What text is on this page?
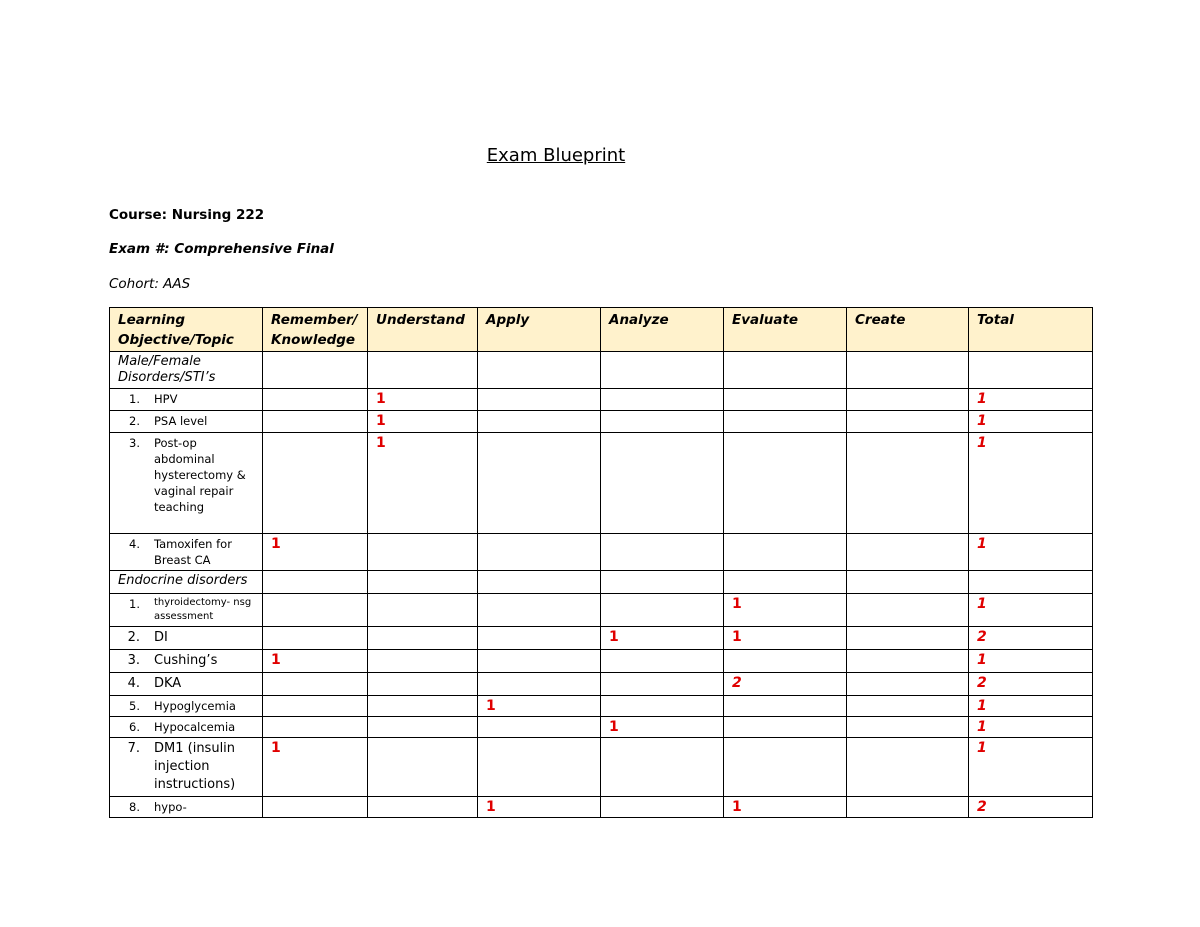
Exam Blueprint
Course: Nursing 222
Exam #: Comprehensive Final
Cohort: AAS
Learning Objective/Topic	Remember/ Knowledge	Understand	Apply	Analyze	Evaluate	Create	Total
Male/Female Disorders/STI’s							

1. HPV		1					1

2. PSA level		1					1

3. Post-op abdominal hysterectomy & vaginal repair teaching		1					1

4. Tamoxifen for Breast CA	1						1
Endocrine disorders							

1. thyroidectomy- nsg assessment					1		1

2. DI				1	1		2

3. Cushing’s	1						1

4. DKA					2		2

5. Hypoglycemia			1				1

6. Hypocalcemia				1			1

7. DM1 (insulin injection instructions)	1						1

8. hypo-			1		1		2
